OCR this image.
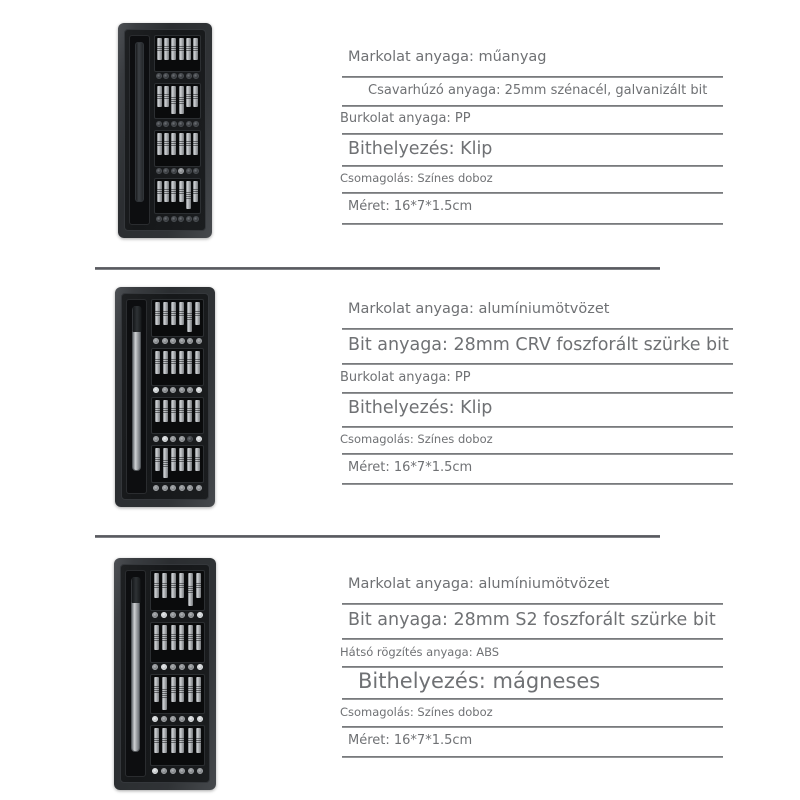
Markolat anyaga: műanyag
Csavarhúzó anyaga: 25mm szénacél, galvanizált bit
Burkolat anyaga: PP
Bithelyezés: Klip
Csomagolás: Színes doboz
Méret: 16*7*1.5cm
Markolat anyaga: alumíniumötvözet
Bit anyaga: 28mm CRV foszforált szürke bit
Burkolat anyaga: PP
Bithelyezés: Klip
Csomagolás: Színes doboz
Méret: 16*7*1.5cm
Markolat anyaga: alumíniumötvözet
Bit anyaga: 28mm S2 foszforált szürke bit
Hátsó rögzítés anyaga: ABS
Bithelyezés: mágneses
Csomagolás: Színes doboz
Méret: 16*7*1.5cm
